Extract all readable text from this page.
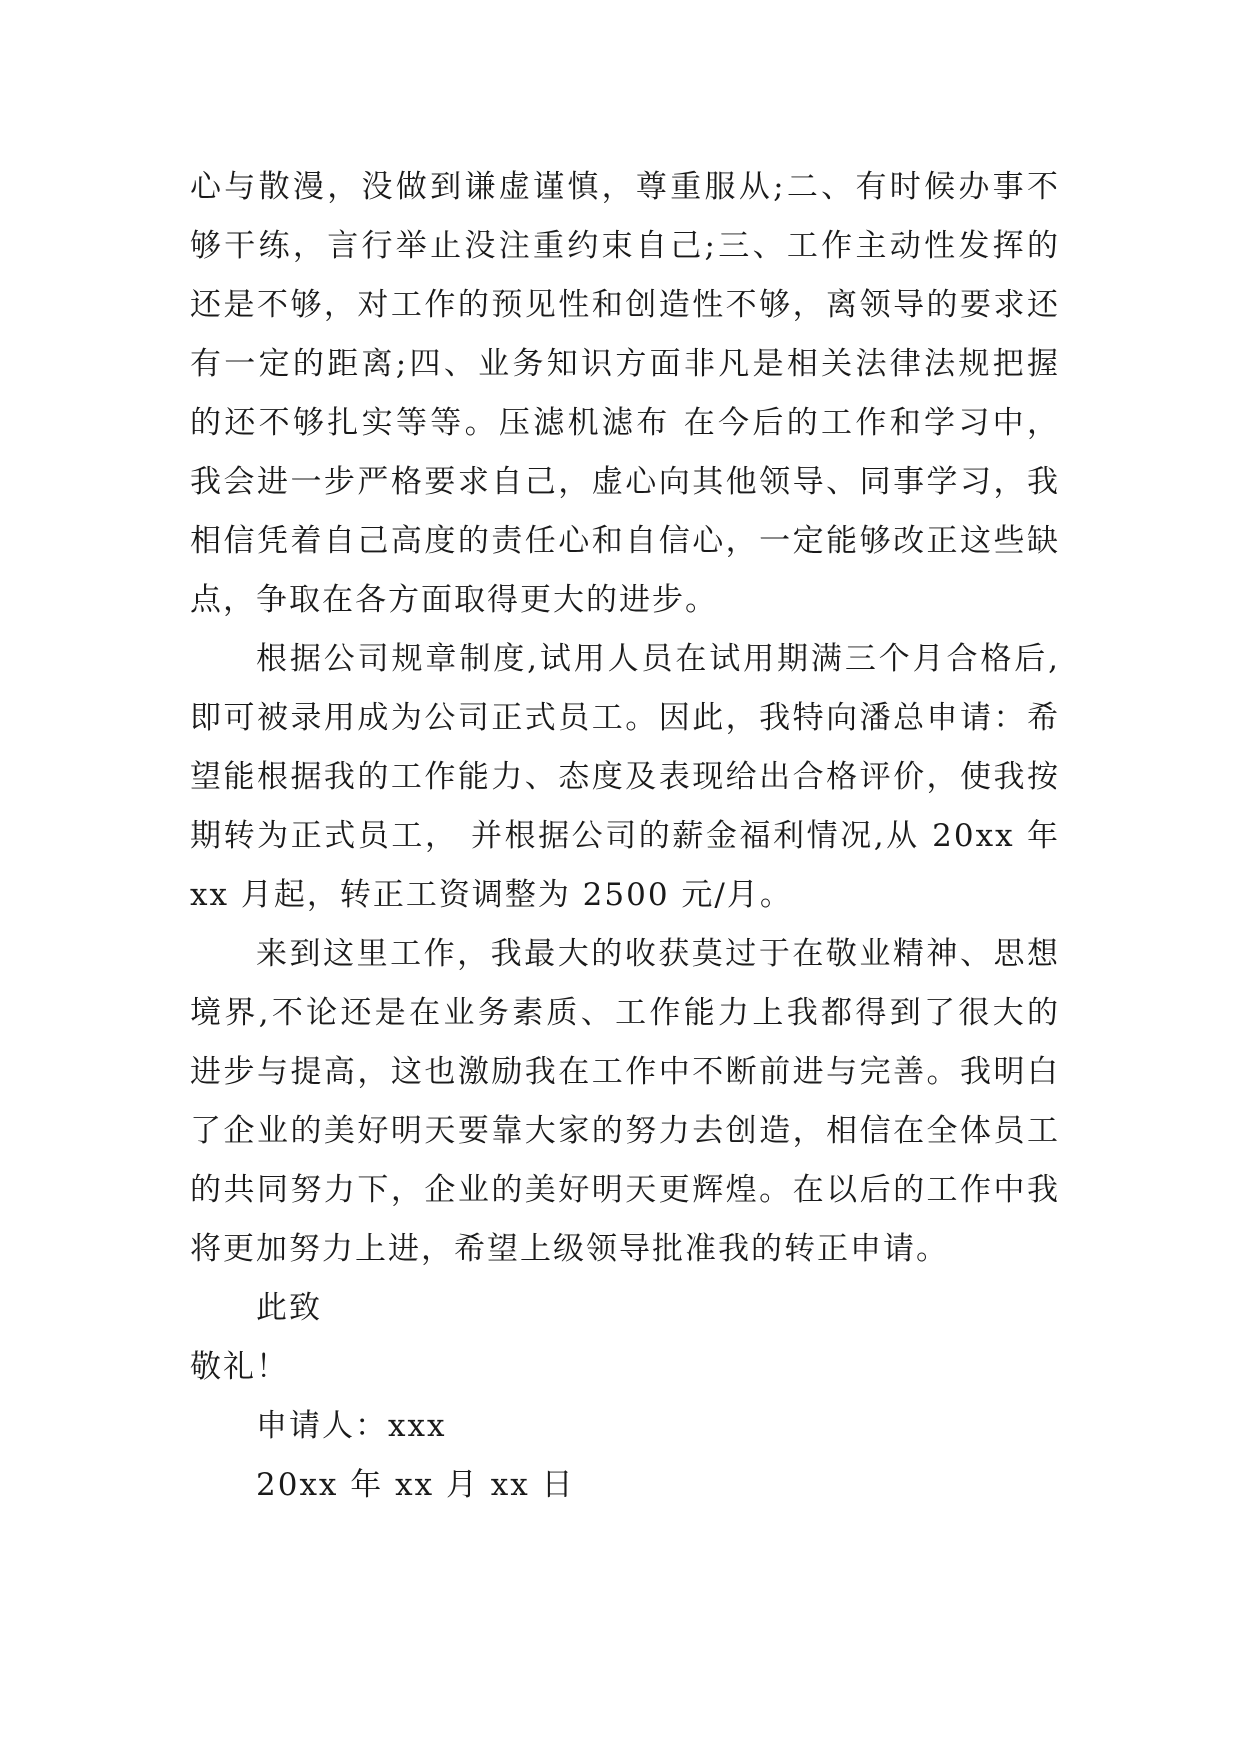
心与散漫，没做到谦虚谨慎，尊重服从;二、有时候办事不
够干练，言行举止没注重约束自己;三、工作主动性发挥的
还是不够，对工作的预见性和创造性不够，离领导的要求还
有一定的距离;四、业务知识方面非凡是相关法律法规把握
的还不够扎实等等。压滤机滤布 在今后的工作和学习中，
我会进一步严格要求自己，虚心向其他领导、同事学习，我
相信凭着自己高度的责任心和自信心，一定能够改正这些缺
点，争取在各方面取得更大的进步。
根据公司规章制度,试用人员在试用期满三个月合格后,
即可被录用成为公司正式员工。因此，我特向潘总申请：希
望能根据我的工作能力、态度及表现给出合格评价，使我按
期转为正式员工， 并根据公司的薪金福利情况,从 20xx 年
xx 月起，转正工资调整为 2500 元/月。
来到这里工作，我最大的收获莫过于在敬业精神、思想
境界,不论还是在业务素质、工作能力上我都得到了很大的
进步与提高，这也激励我在工作中不断前进与完善。我明白
了企业的美好明天要靠大家的努力去创造，相信在全体员工
的共同努力下，企业的美好明天更辉煌。在以后的工作中我
将更加努力上进，希望上级领导批准我的转正申请。
此致
敬礼！
申请人：xxx
20xx 年 xx 月 xx 日
